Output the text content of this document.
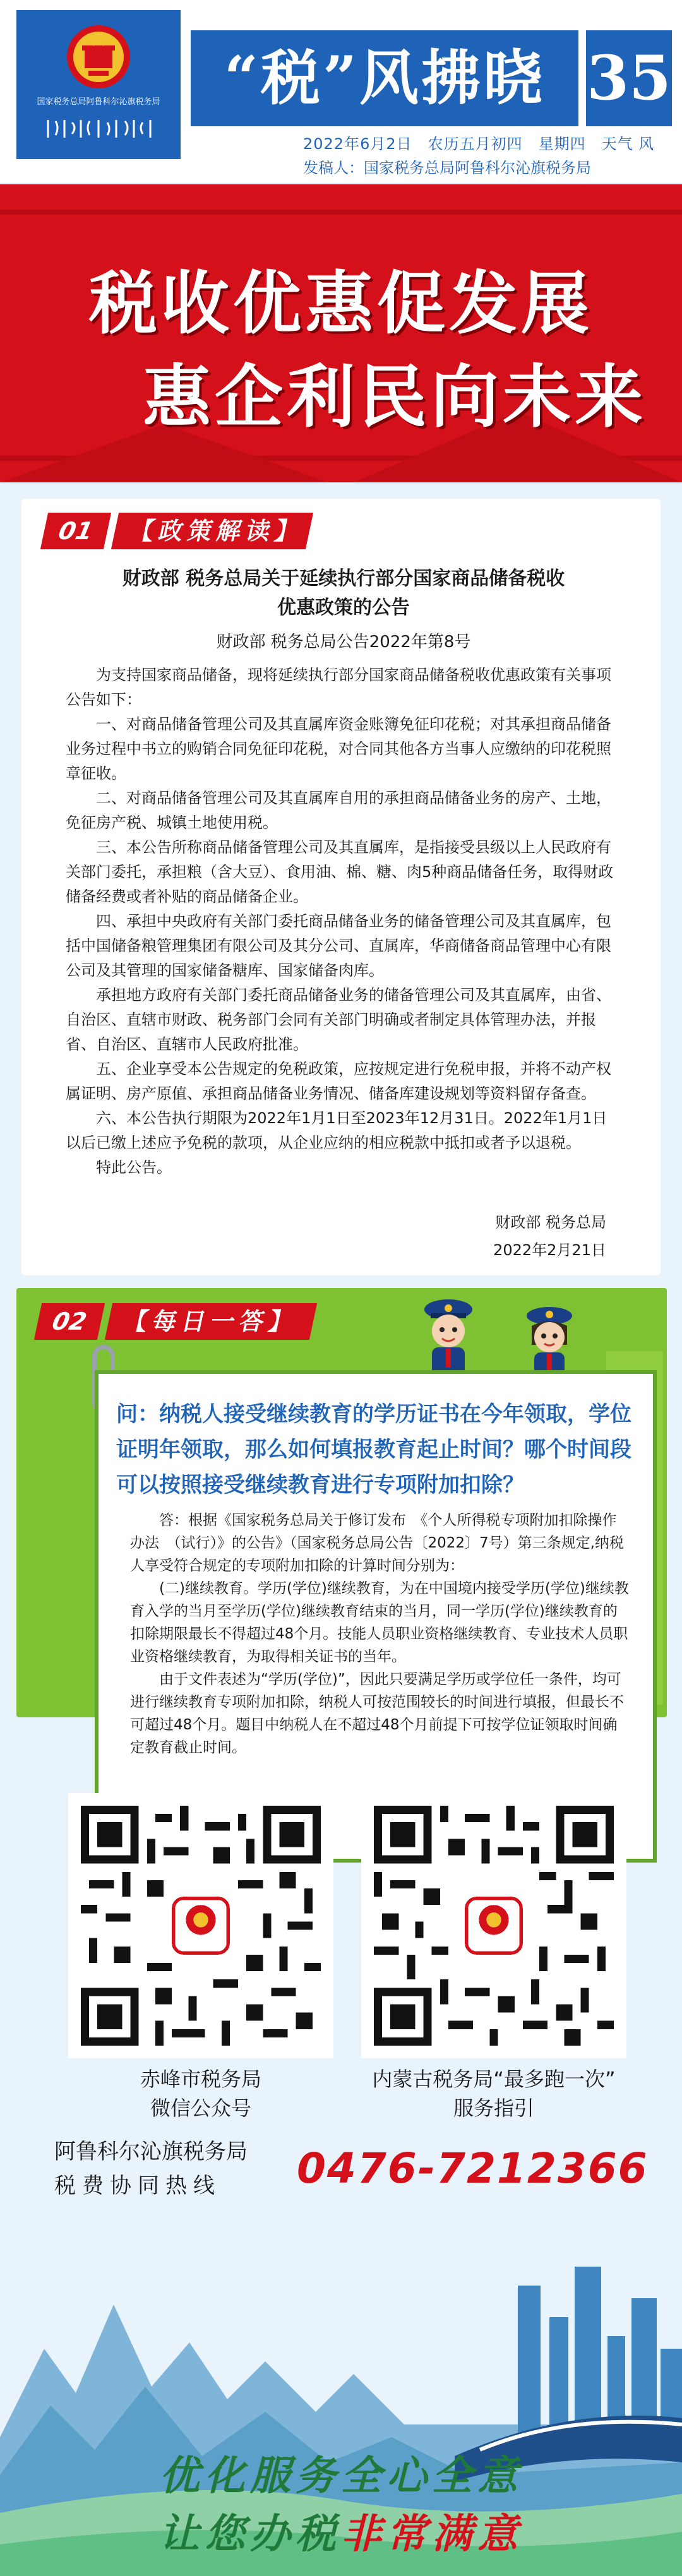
国家税务总局阿鲁科尔沁旗税务局	“税”风拂晓 35
2022年6月2日　农历五月初四　星期四　天气 风
发稿人：国家税务总局阿鲁科尔沁旗税务局
税收优惠促发展
惠企利民向未来
01	【政策解读】
财政部 税务总局关于延续执行部分国家商品储备税收
优惠政策的公告
财政部 税务总局公告2022年第8号

为支持国家商品储备，现将延续执行部分国家商品储备税收优惠政策有关事项公告如下：

一、对商品储备管理公司及其直属库资金账簿免征印花税；对其承担商品储备业务过程中书立的购销合同免征印花税，对合同其他各方当事人应缴纳的印花税照章征收。

二、对商品储备管理公司及其直属库自用的承担商品储备业务的房产、土地，免征房产税、城镇土地使用税。

三、本公告所称商品储备管理公司及其直属库，是指接受县级以上人民政府有关部门委托，承担粮（含大豆）、食用油、棉、糖、肉5种商品储备任务，取得财政储备经费或者补贴的商品储备企业。

四、承担中央政府有关部门委托商品储备业务的储备管理公司及其直属库，包括中国储备粮管理集团有限公司及其分公司、直属库，华商储备商品管理中心有限公司及其管理的国家储备糖库、国家储备肉库。

承担地方政府有关部门委托商品储备业务的储备管理公司及其直属库，由省、自治区、直辖市财政、税务部门会同有关部门明确或者制定具体管理办法，并报省、自治区、直辖市人民政府批准。

五、企业享受本公告规定的免税政策，应按规定进行免税申报，并将不动产权属证明、房产原值、承担商品储备业务情况、储备库建设规划等资料留存备查。

六、本公告执行期限为2022年1月1日至2023年12月31日。2022年1月1日以后已缴上述应予免税的款项，从企业应纳的相应税款中抵扣或者予以退税。

特此公告。

财政部 税务总局
2022年2月21日
02	【每日一答】
问：纳税人接受继续教育的学历证书在今年领取，学位证明年领取，那么如何填报教育起止时间？哪个时间段可以按照接受继续教育进行专项附加扣除？

答：根据《国家税务总局关于修订发布　《个人所得税专项附加扣除操作办法　（试行）》的公告》（国家税务总局公告〔2022〕7号）第三条规定,纳税人享受符合规定的专项附加扣除的计算时间分别为：

(二)继续教育。学历(学位)继续教育，为在中国境内接受学历(学位)继续教育入学的当月至学历(学位)继续教育结束的当月，同一学历(学位)继续教育的扣除期限最长不得超过48个月。技能人员职业资格继续教育、专业技术人员职业资格继续教育，为取得相关证书的当年。

由于文件表述为“学历(学位)”，因此只要满足学历或学位任一条件，均可进行继续教育专项附加扣除，纳税人可按范围较长的时间进行填报，但最长不可超过48个月。题目中纳税人在不超过48个月前提下可按学位证领取时间确定教育截止时间。

赤峰市税务局
微信公众号
内蒙古税务局“最多跑一次”
服务指引
阿鲁科尔沁旗税务局
税费协同热线 0476-7212366
优化服务全心全意
让您办税非常满意
